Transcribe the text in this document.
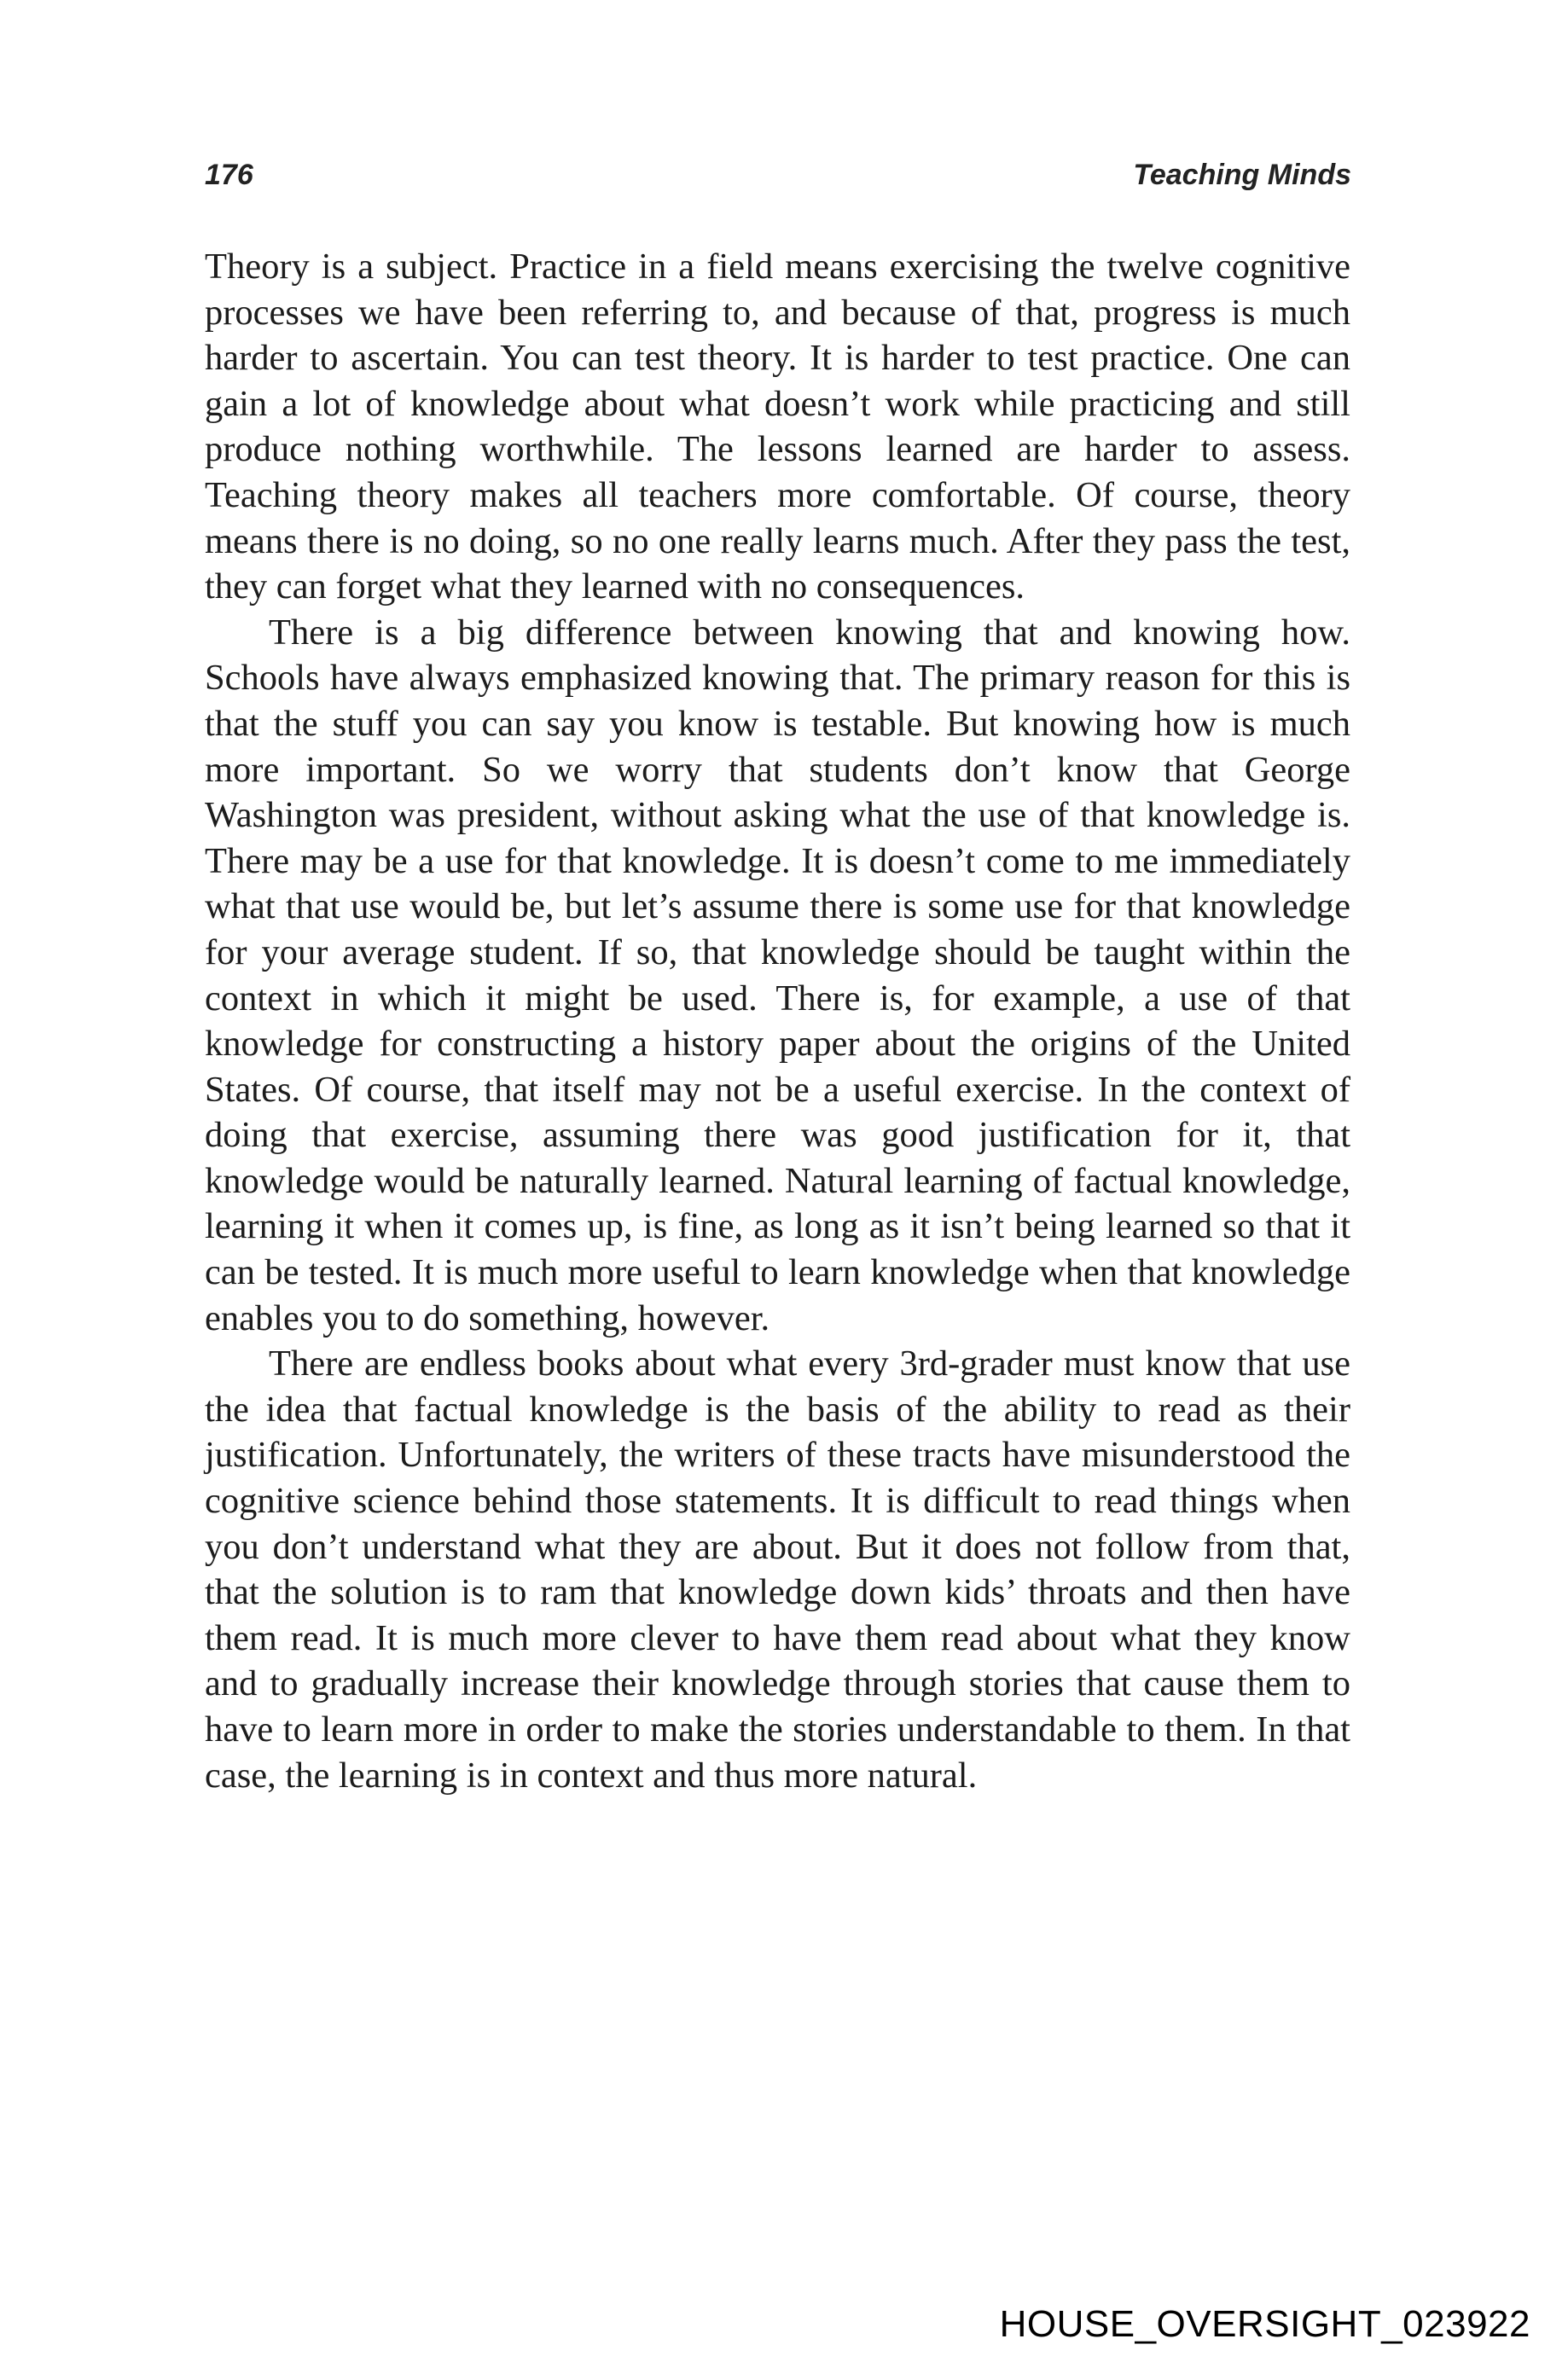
176	Teaching Minds

Theory is a subject. Practice in a field means exercising the twelve cognitive processes we have been referring to, and because of that, progress is much harder to ascertain. You can test theory. It is harder to test practice. One can gain a lot of knowledge about what doesn’t work while practicing and still produce nothing worthwhile. The lessons learned are harder to assess. Teaching theory makes all teachers more comfortable. Of course, theory means there is no doing, so no one really learns much. After they pass the test, they can forget what they learned with no consequences.

There is a big difference between knowing that and knowing how. Schools have always emphasized knowing that. The primary reason for this is that the stuff you can say you know is testable. But knowing how is much more important. So we worry that students don’t know that George Washington was president, without asking what the use of that knowledge is. There may be a use for that knowledge. It is doesn’t come to me immediately what that use would be, but let’s assume there is some use for that knowledge for your average student. If so, that knowledge should be taught within the context in which it might be used. There is, for example, a use of that knowledge for constructing a history paper about the origins of the United States. Of course, that itself may not be a useful exercise. In the context of doing that exercise, assuming there was good justification for it, that knowledge would be naturally learned. Natural learning of factual knowledge, learning it when it comes up, is fine, as long as it isn’t being learned so that it can be tested. It is much more useful to learn knowledge when that knowledge enables you to do something, however.

There are endless books about what every 3rd-grader must know that use the idea that factual knowledge is the basis of the ability to read as their justification. Unfortunately, the writers of these tracts have misunderstood the cognitive science behind those statements. It is difficult to read things when you don’t understand what they are about. But it does not follow from that, that the solution is to ram that knowledge down kids’ throats and then have them read. It is much more clever to have them read about what they know and to gradually increase their knowledge through stories that cause them to have to learn more in order to make the stories understandable to them. In that case, the learning is in context and thus more natural.

HOUSE_OVERSIGHT_023922
